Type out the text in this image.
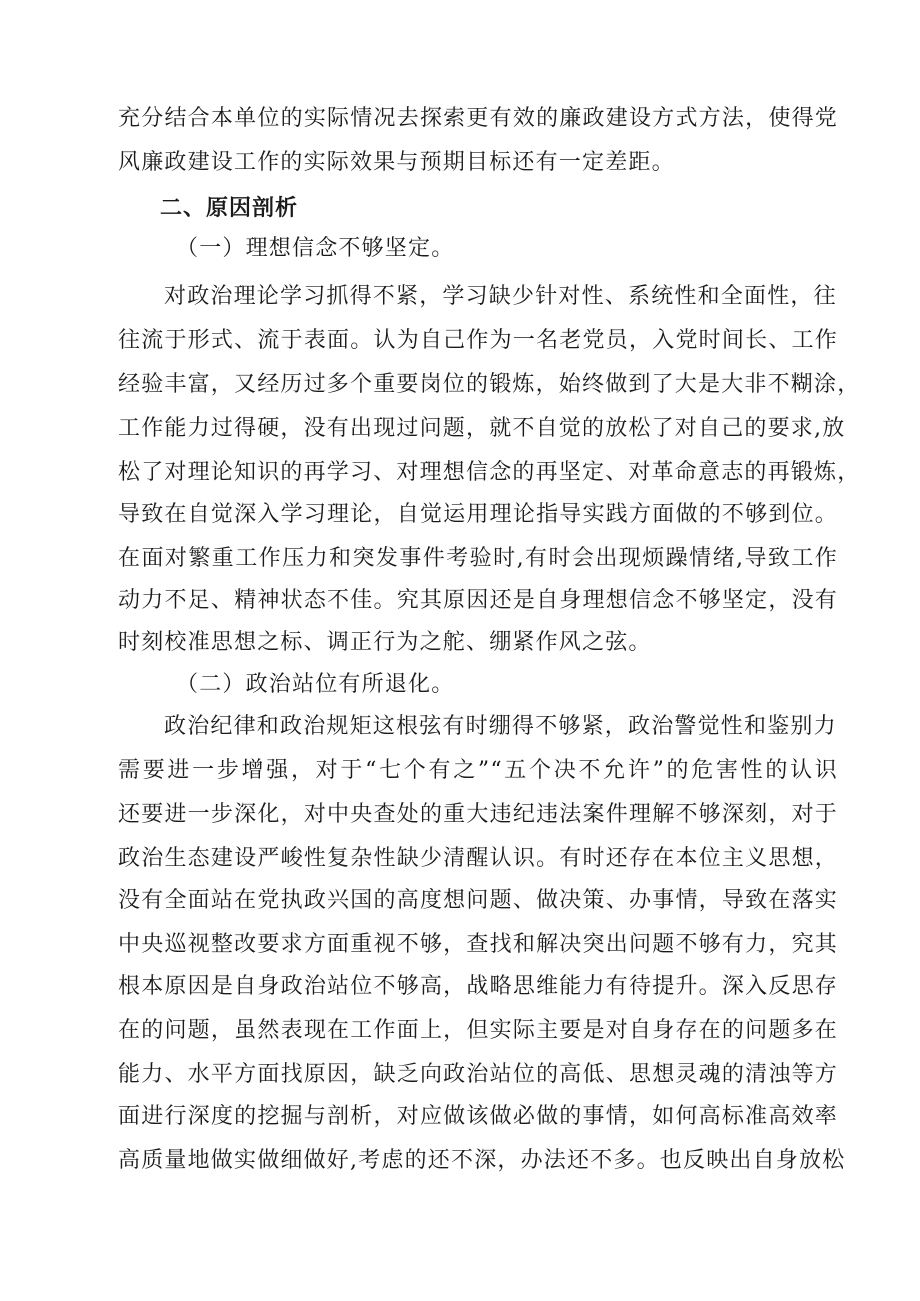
充分结合本单位的实际情况去探索更有效的廉政建设方式方法，使得党
风廉政建设工作的实际效果与预期目标还有一定差距。
二、原因剖析
（一）理想信念不够坚定。
对政治理论学习抓得不紧，学习缺少针对性、系统性和全面性，往
往流于形式、流于表面。认为自己作为一名老党员，入党时间长、工作
经验丰富，又经历过多个重要岗位的锻炼，始终做到了大是大非不糊涂，
工作能力过得硬，没有出现过问题，就不自觉的放松了对自己的要求,放
松了对理论知识的再学习、对理想信念的再坚定、对革命意志的再锻炼，
导致在自觉深入学习理论，自觉运用理论指导实践方面做的不够到位。
在面对繁重工作压力和突发事件考验时,有时会出现烦躁情绪,导致工作
动力不足、精神状态不佳。究其原因还是自身理想信念不够坚定，没有
时刻校准思想之标、调正行为之舵、绷紧作风之弦。
（二）政治站位有所退化。
政治纪律和政治规矩这根弦有时绷得不够紧，政治警觉性和鉴别力
需要进一步增强，对于“七个有之”“五个决不允许”的危害性的认识
还要进一步深化，对中央查处的重大违纪违法案件理解不够深刻，对于
政治生态建设严峻性复杂性缺少清醒认识。有时还存在本位主义思想，
没有全面站在党执政兴国的高度想问题、做决策、办事情，导致在落实
中央巡视整改要求方面重视不够，查找和解决突出问题不够有力，究其
根本原因是自身政治站位不够高，战略思维能力有待提升。深入反思存
在的问题，虽然表现在工作面上，但实际主要是对自身存在的问题多在
能力、水平方面找原因，缺乏向政治站位的高低、思想灵魂的清浊等方
面进行深度的挖掘与剖析，对应做该做必做的事情，如何高标准高效率
高质量地做实做细做好,考虑的还不深，办法还不多。也反映出自身放松
